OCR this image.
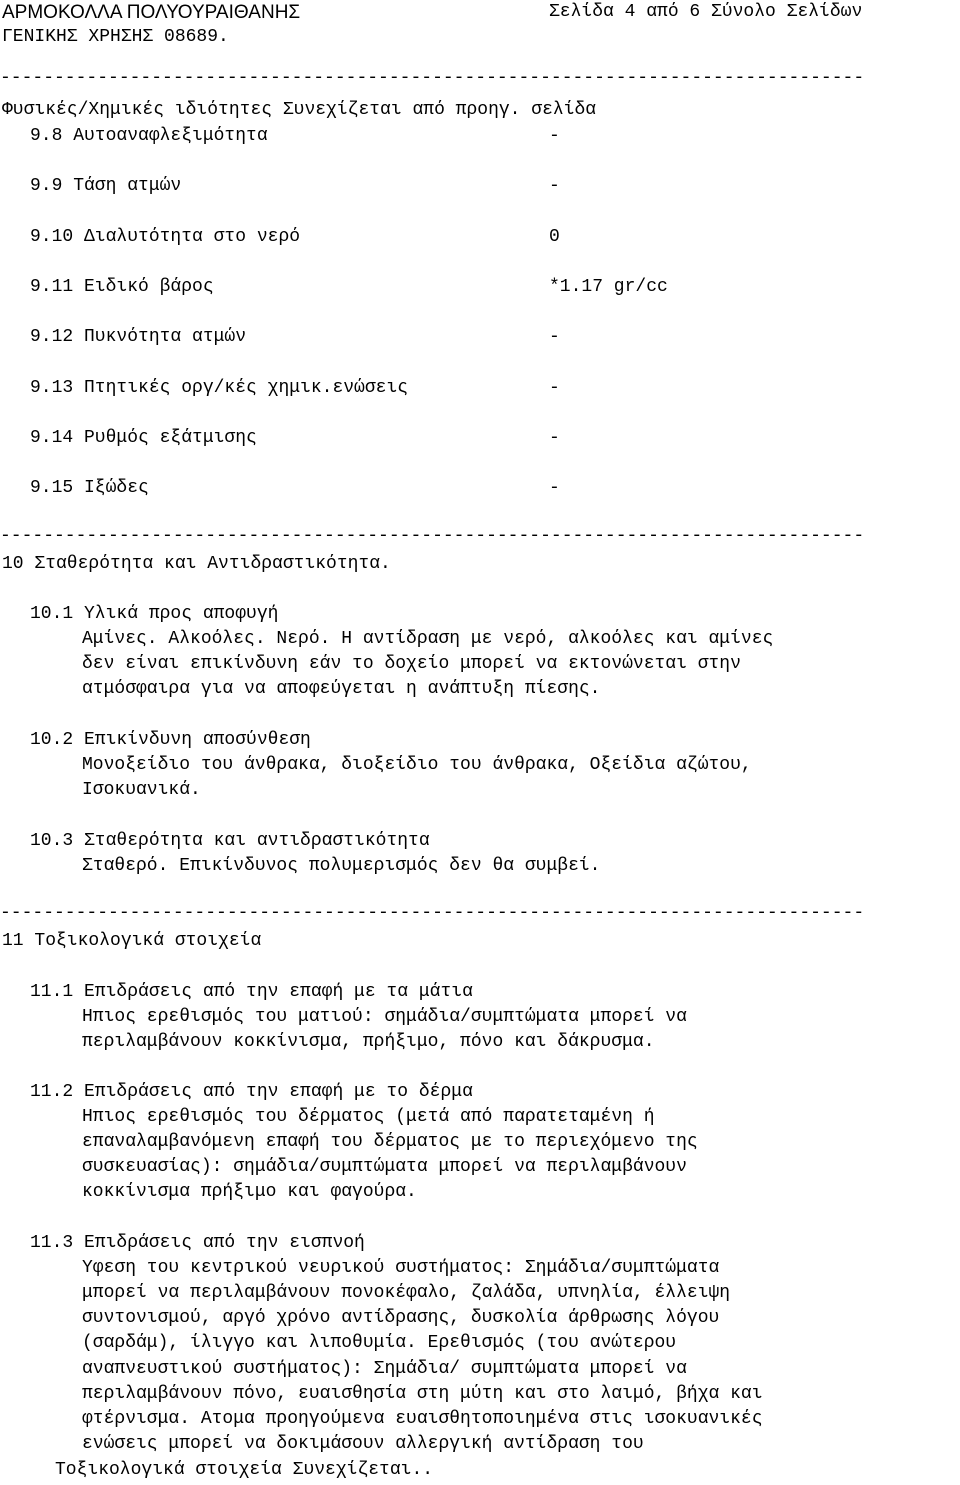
ΑΡΜΟΚΟΛΛΑ ΠΟΛΥΟΥΡΑΙΘΑΝΗΣ	Σελίδα 4 από 6 Σύνολο Σελίδων
ΓΕΝΙΚΗΣ ΧΡΗΣΗΣ 08689.
--------------------------------------------------------------------------------
Φυσικές/Χημικές ιδιότητες Συνεχίζεται από προηγ. σελίδα
9.8 Αυτοαναφλεξιμότητα	-
9.9 Τάση ατμών	-
9.10 Διαλυτότητα στο νερό	0
9.11 Ειδικό βάρος	*1.17 gr/cc
9.12 Πυκνότητα ατμών	-
9.13 Πτητικές οργ/κές χημικ.ενώσεις	-
9.14 Ρυθμός εξάτμισης	-
9.15 Ιξώδες	-
--------------------------------------------------------------------------------
10 Σταθερότητα και Αντιδραστικότητα.
10.1 Υλικά προς αποφυγή
Αμίνες. Αλκοόλες. Νερό. Η αντίδραση με νερό, αλκοόλες και αμίνες
δεν είναι επικίνδυνη εάν το δοχείο μπορεί να εκτονώνεται στην
ατμόσφαιρα για να αποφεύγεται η ανάπτυξη πίεσης.
10.2 Επικίνδυνη αποσύνθεση
Μονοξείδιο του άνθρακα, διοξείδιο του άνθρακα, Οξείδια αζώτου,
Ισοκυανικά.
10.3 Σταθερότητα και αντιδραστικότητα
Σταθερό. Επικίνδυνος πολυμερισμός δεν θα συμβεί.
--------------------------------------------------------------------------------
11 Τοξικολογικά στοιχεία
11.1 Επιδράσεις από την επαφή με τα μάτια
Ηπιος ερεθισμός του ματιού: σημάδια/συμπτώματα μπορεί να
περιλαμβάνουν κοκκίνισμα, πρήξιμο, πόνο και δάκρυσμα.
11.2 Επιδράσεις από την επαφή με το δέρμα
Ηπιος ερεθισμός του δέρματος (μετά από παρατεταμένη ή
επαναλαμβανόμενη επαφή του δέρματος με το περιεχόμενο της
συσκευασίας): σημάδια/συμπτώματα μπορεί να περιλαμβάνουν
κοκκίνισμα πρήξιμο και φαγούρα.
11.3 Επιδράσεις από την εισπνοή
Υφεση του κεντρικού νευρικού συστήματος: Σημάδια/συμπτώματα
μπορεί να περιλαμβάνουν πονοκέφαλο, ζαλάδα, υπνηλία, έλλειψη
συντονισμού, αργό χρόνο αντίδρασης, δυσκολία άρθρωσης λόγου
(σαρδάμ), ίλιγγο και λιποθυμία. Ερεθισμός (του ανώτερου
αναπνευστικού συστήματος): Σημάδια/ συμπτώματα μπορεί να
περιλαμβάνουν πόνο, ευαισθησία στη μύτη και στο λαιμό, βήχα και
φτέρνισμα. Ατομα προηγούμενα ευαισθητοποιημένα στις ισοκυανικές
ενώσεις μπορεί να δοκιμάσουν αλλεργική αντίδραση του
Τοξικολογικά στοιχεία Συνεχίζεται..
